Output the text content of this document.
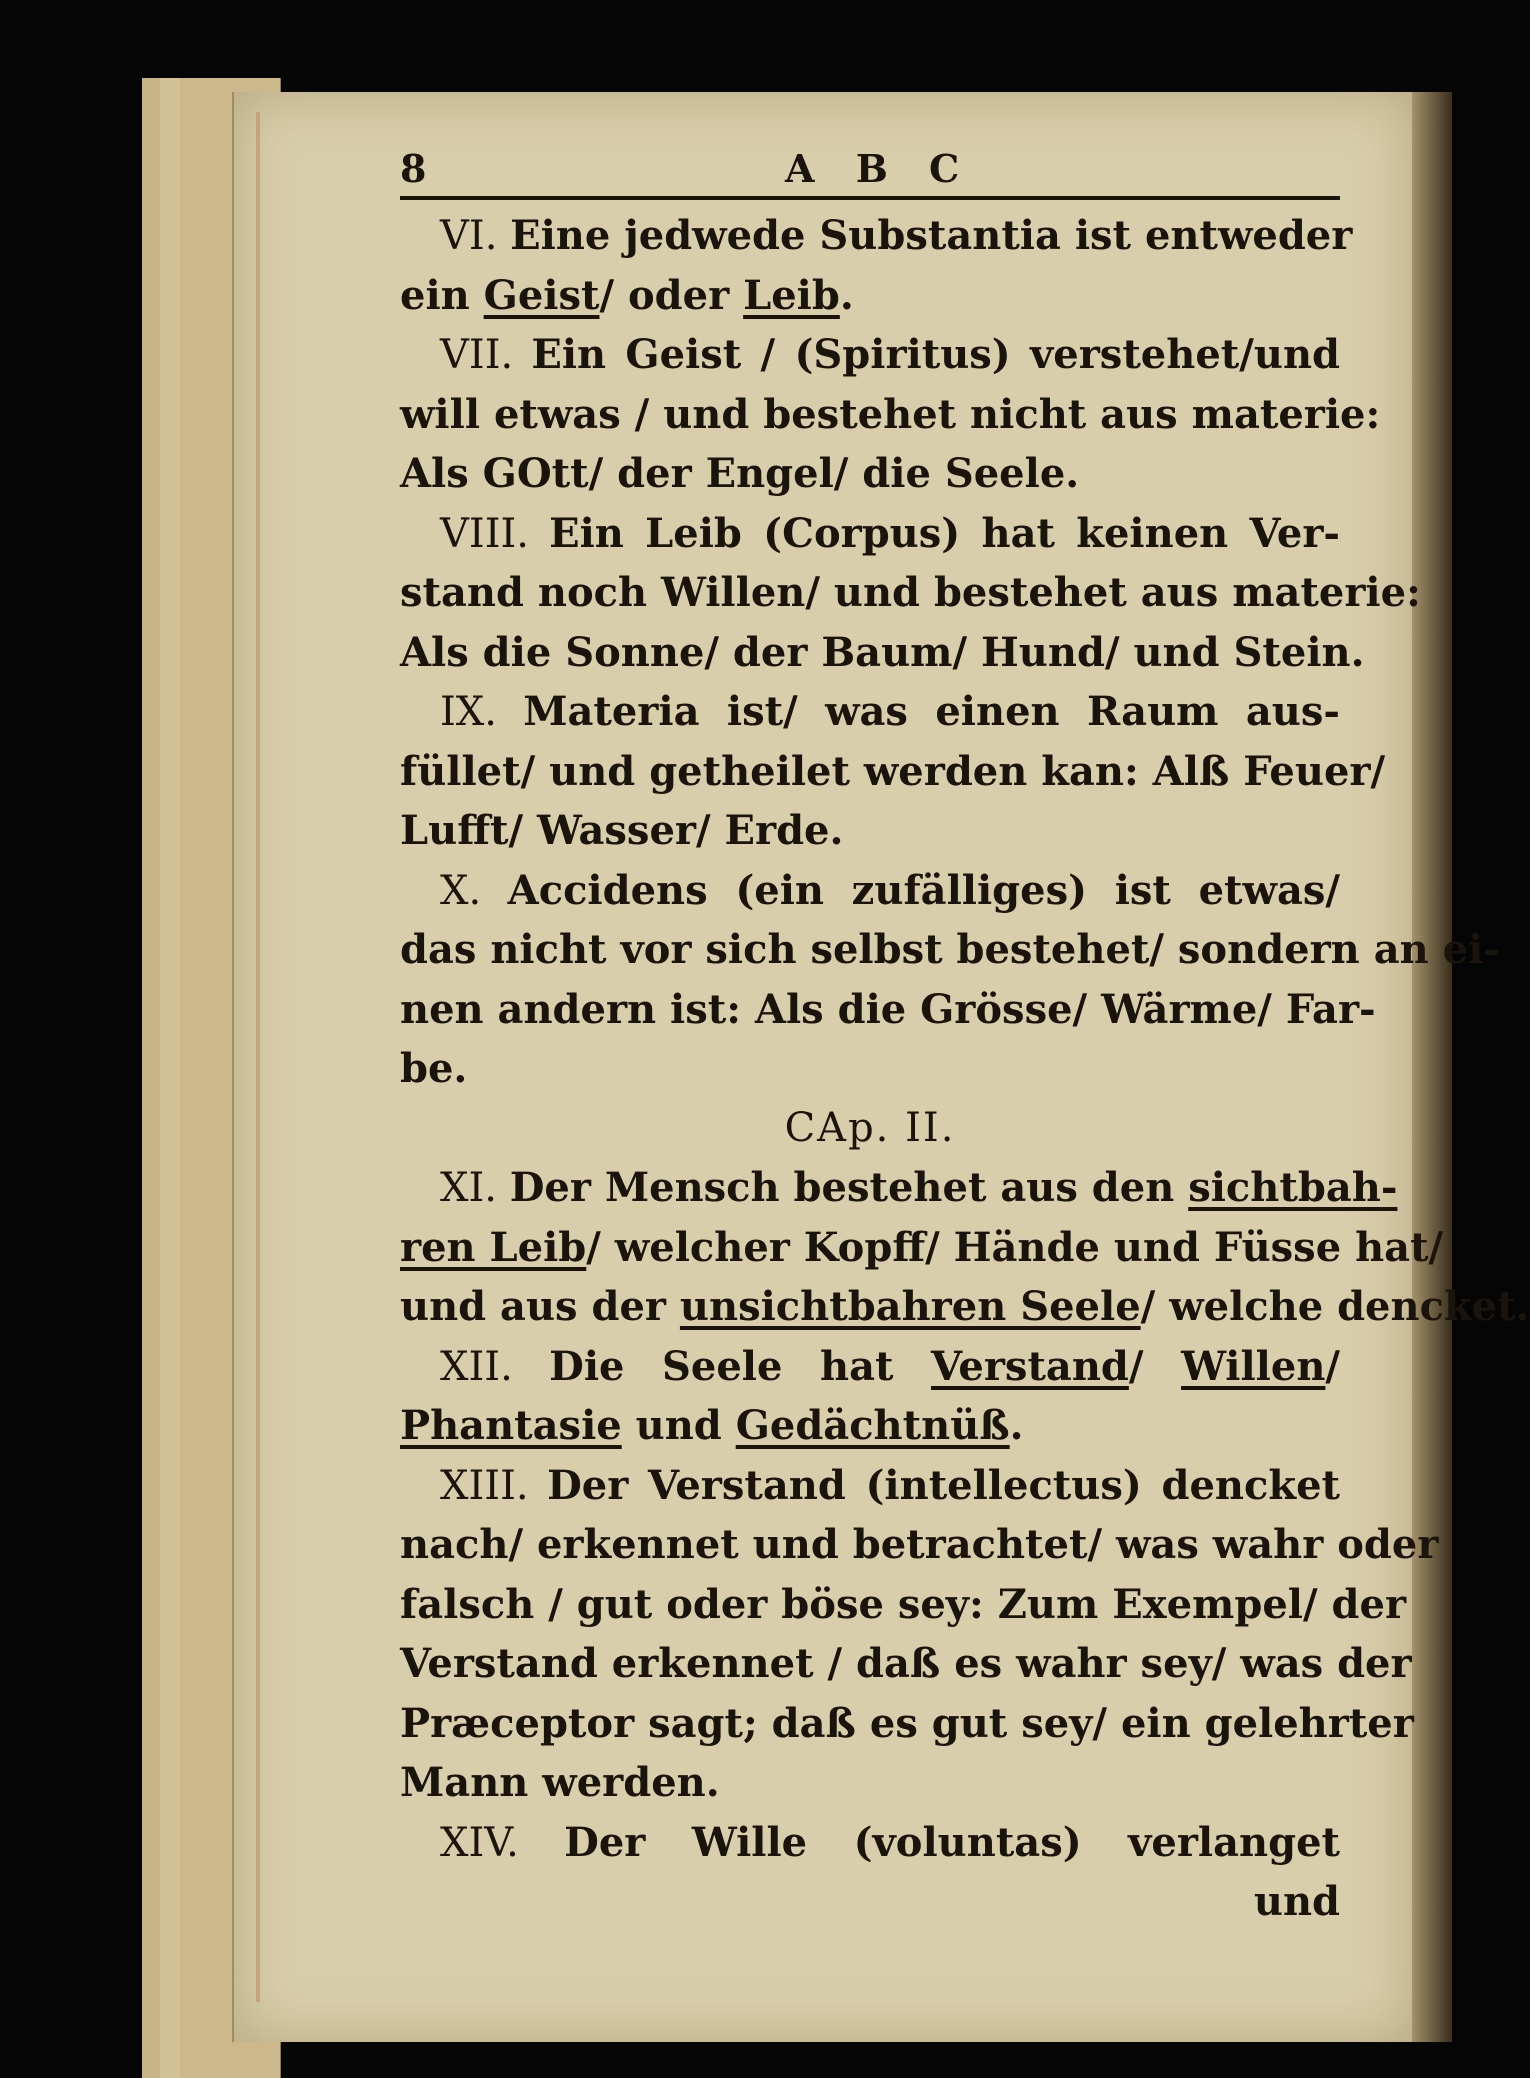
8	A B C
VI. Eine jedwede Substantia ist entweder
ein Geist/ oder Leib.
VII. Ein Geist / (Spiritus) verstehet/und
will etwas / und bestehet nicht aus materie:
Als GOtt/ der Engel/ die Seele.
VIII. Ein Leib (Corpus) hat keinen Ver-
stand noch Willen/ und bestehet aus materie:
Als die Sonne/ der Baum/ Hund/ und Stein.
IX. Materia ist/ was einen Raum aus-
füllet/ und getheilet werden kan: Alß Feuer/
Lufft/ Wasser/ Erde.
X. Accidens (ein zufälliges) ist etwas/
das nicht vor sich selbst bestehet/ sondern an ei-
nen andern ist: Als die Grösse/ Wärme/ Far-
be.
CAp. II.
XI. Der Mensch bestehet aus den sichtbah-
ren Leib/ welcher Kopff/ Hände und Füsse hat/
und aus der unsichtbahren Seele/ welche dencket.
XII. Die Seele hat Verstand/ Willen/
Phantasie und Gedächtnüß.
XIII. Der Verstand (intellectus) dencket
nach/ erkennet und betrachtet/ was wahr oder
falsch / gut oder böse sey: Zum Exempel/ der
Verstand erkennet / daß es wahr sey/ was der
Præceptor sagt; daß es gut sey/ ein gelehrter
Mann werden.
XIV. Der Wille (voluntas) verlanget
und
